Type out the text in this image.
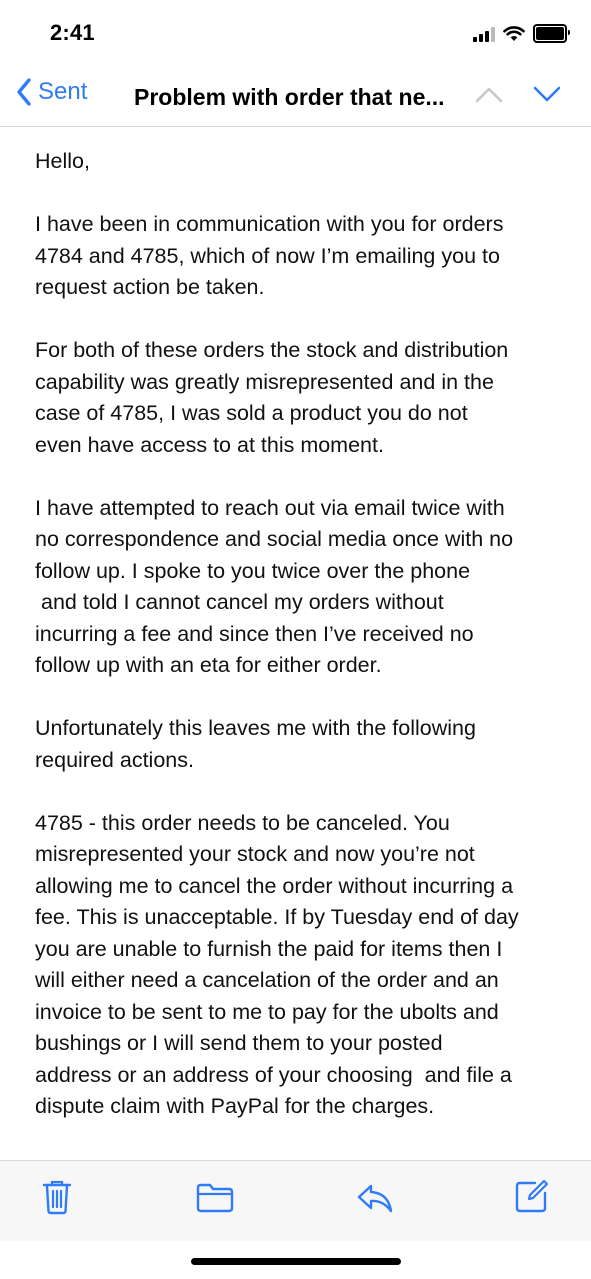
2:41
Sent Problem with order that ne...

Hello,

I have been in communication with you for orders
4784 and 4785, which of now I’m emailing you to
request action be taken.

For both of these orders the stock and distribution
capability was greatly misrepresented and in the
case of 4785, I was sold a product you do not
even have access to at this moment.

I have attempted to reach out via email twice with
no correspondence and social media once with no
follow up. I spoke to you twice over the phone
and told I cannot cancel my orders without
incurring a fee and since then I’ve received no
follow up with an eta for either order.

Unfortunately this leaves me with the following
required actions.

4785 - this order needs to be canceled. You
misrepresented your stock and now you’re not
allowing me to cancel the order without incurring a
fee. This is unacceptable. If by Tuesday end of day
you are unable to furnish the paid for items then I
will either need a cancelation of the order and an
invoice to be sent to me to pay for the ubolts and
bushings or I will send them to your posted
address or an address of your choosing  and file a
dispute claim with PayPal for the charges.
